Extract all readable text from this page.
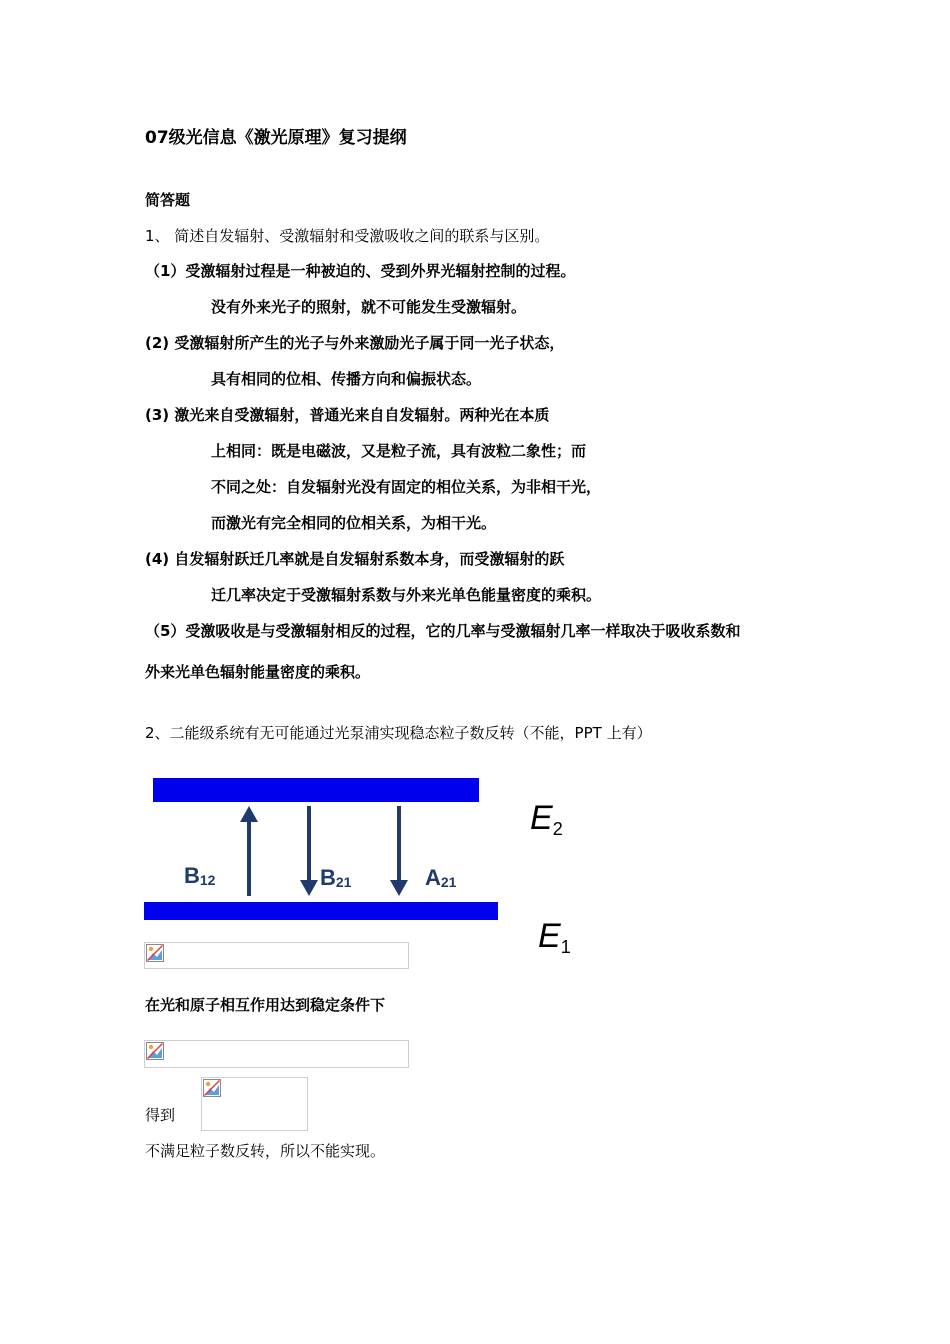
07级光信息《激光原理》复习提纲
简答题
1、 简述自发辐射、受激辐射和受激吸收之间的联系与区别。
（1）受激辐射过程是一种被迫的、受到外界光辐射控制的过程。
没有外来光子的照射，就不可能发生受激辐射。
(2) 受激辐射所产生的光子与外来激励光子属于同一光子状态，
具有相同的位相、传播方向和偏振状态。
(3) 激光来自受激辐射，普通光来自自发辐射。两种光在本质
上相同：既是电磁波，又是粒子流，具有波粒二象性；而
不同之处：自发辐射光没有固定的相位关系，为非相干光，
而激光有完全相同的位相关系，为相干光。
(4) 自发辐射跃迁几率就是自发辐射系数本身，而受激辐射的跃
迁几率决定于受激辐射系数与外来光单色能量密度的乘积。
（5）受激吸收是与受激辐射相反的过程，它的几率与受激辐射几率一样取决于吸收系数和
外来光单色辐射能量密度的乘积。
2、二能级系统有无可能通过光泵浦实现稳态粒子数反转（不能，PPT 上有）
$B_{12}$	$B_{21}$	$A_{21}$
$E_2$
$E_1$
在光和原子相互作用达到稳定条件下
得到
不满足粒子数反转，所以不能实现。
